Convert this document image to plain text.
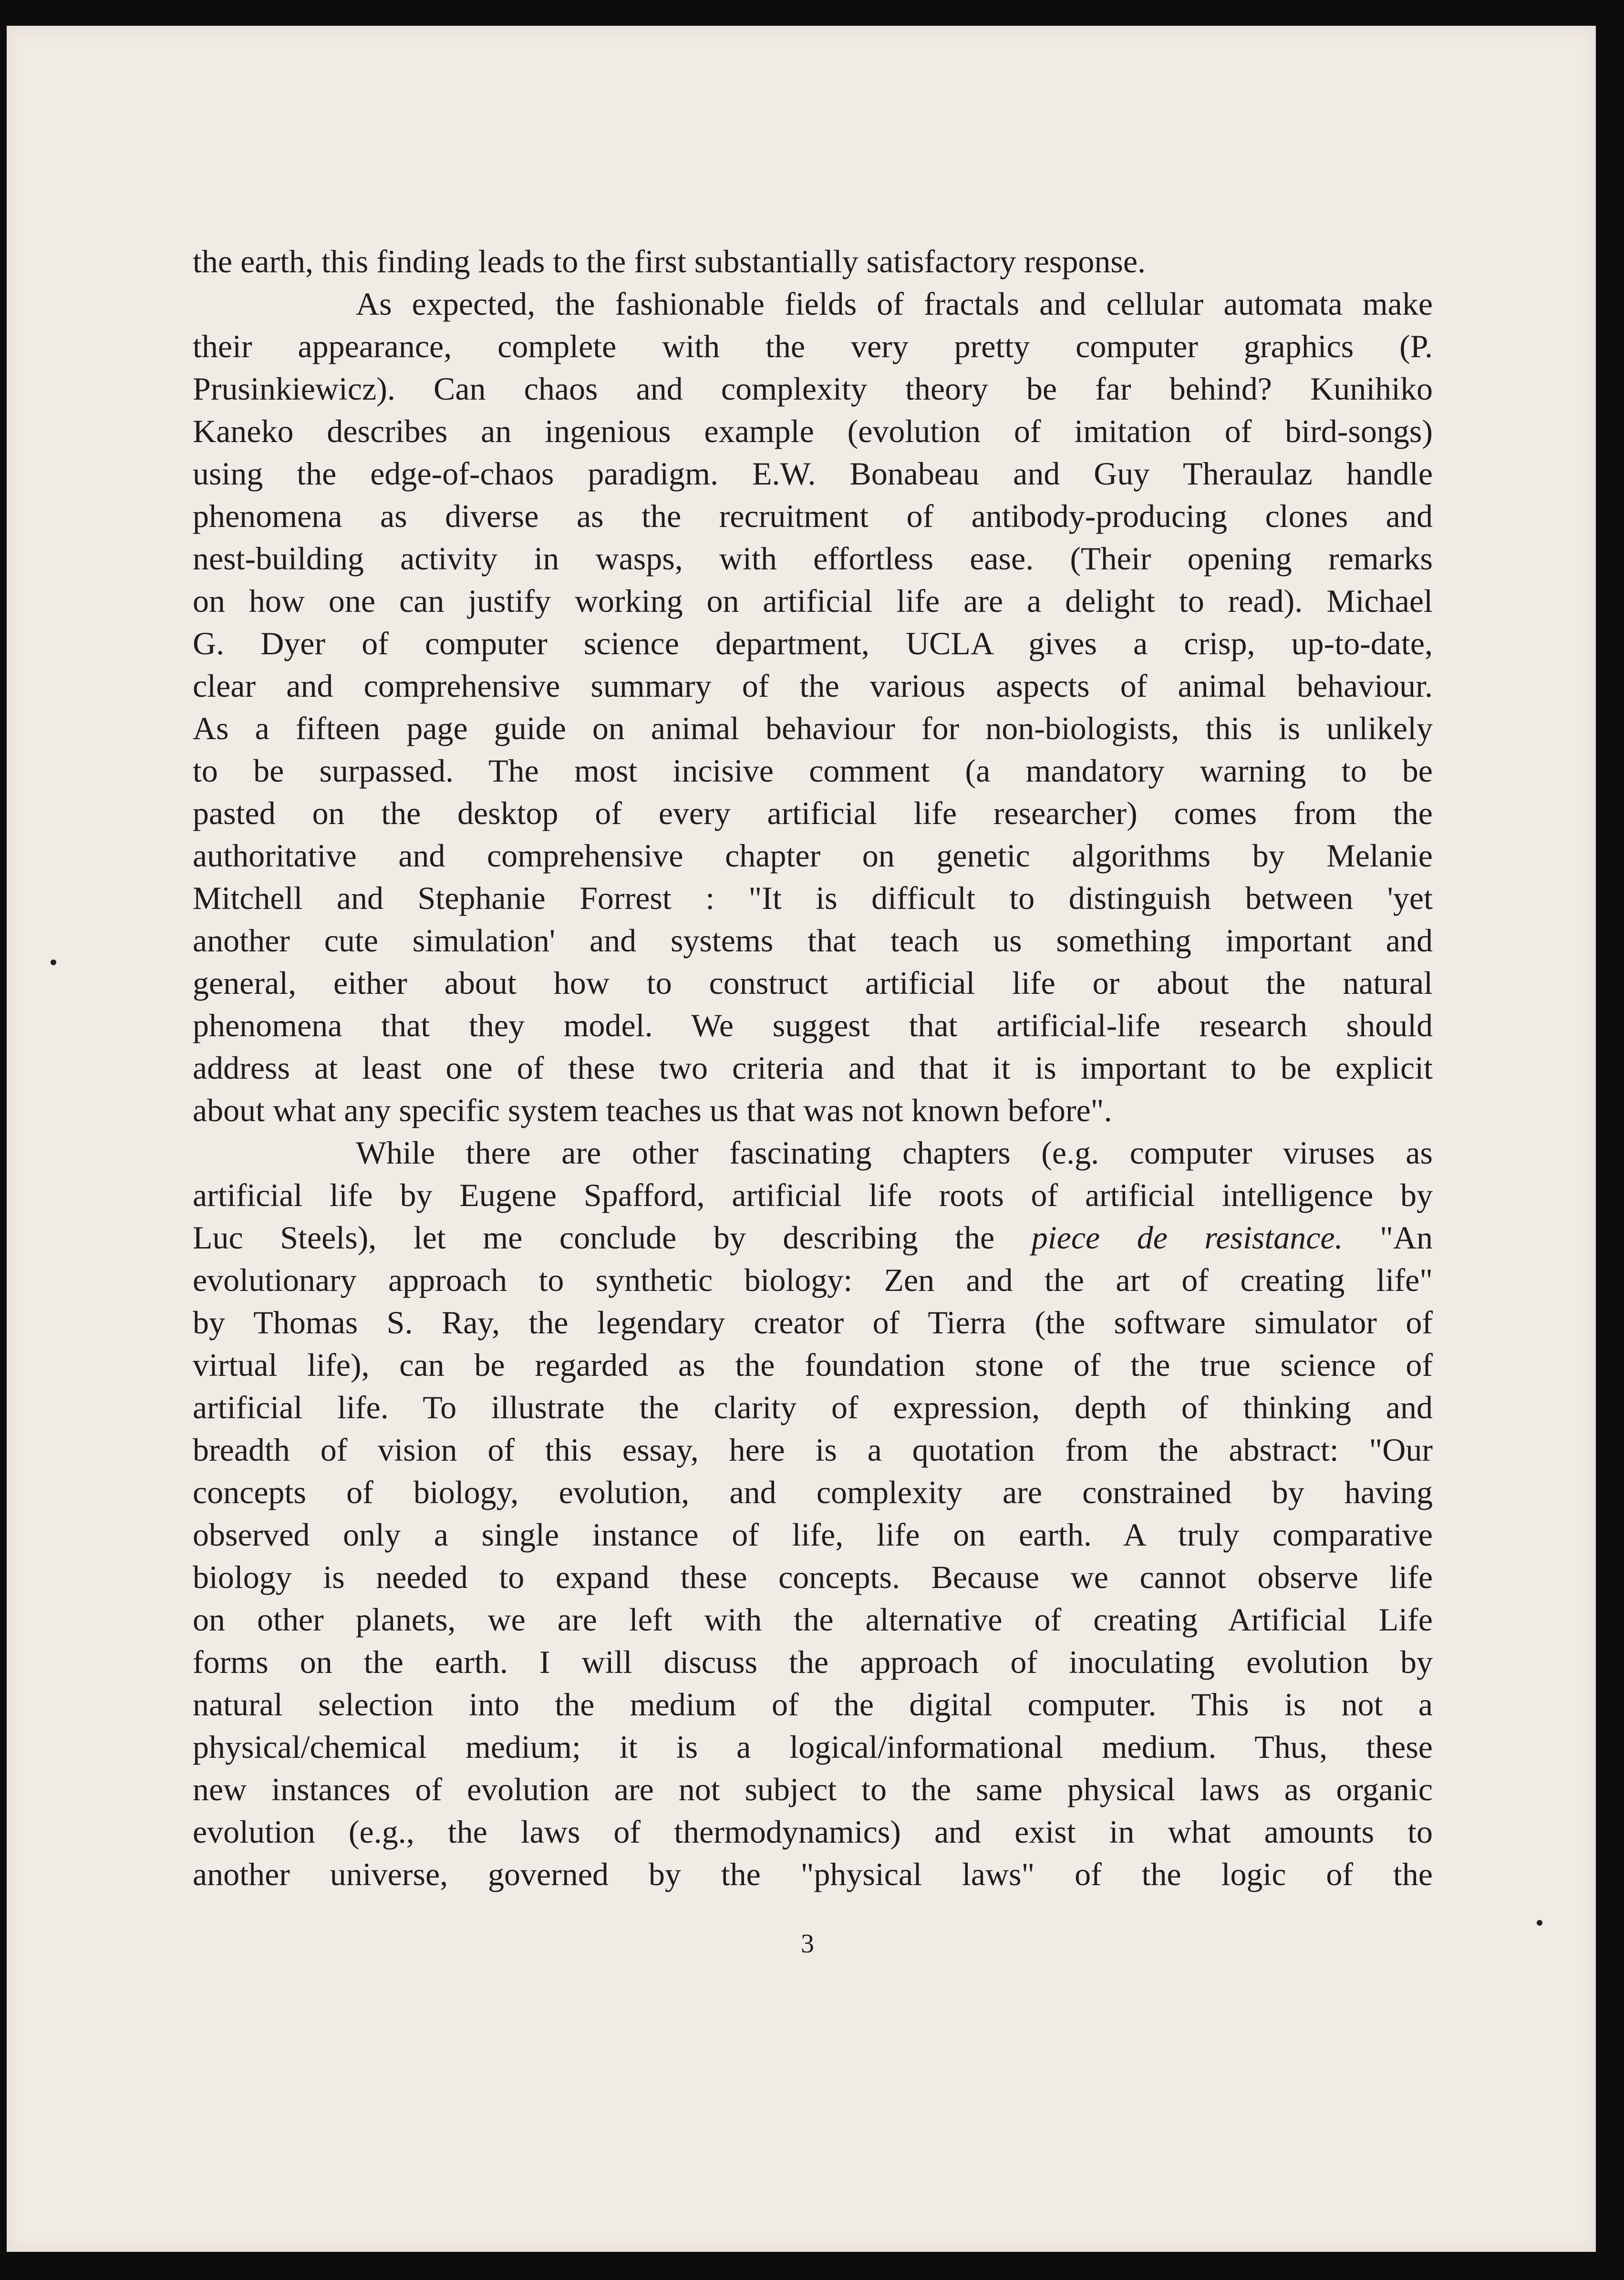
the earth, this finding leads to the first substantially satisfactory response.
As expected, the fashionable fields of fractals and cellular automata make
their appearance, complete with the very pretty computer graphics (P.
Prusinkiewicz). Can chaos and complexity theory be far behind? Kunihiko
Kaneko describes an ingenious example (evolution of imitation of bird-songs)
using the edge-of-chaos paradigm. E.W. Bonabeau and Guy Theraulaz handle
phenomena as diverse as the recruitment of antibody-producing clones and
nest-building activity in wasps, with effortless ease. (Their opening remarks
on how one can justify working on artificial life are a delight to read). Michael
G. Dyer of computer science department, UCLA gives a crisp, up-to-date,
clear and comprehensive summary of the various aspects of animal behaviour.
As a fifteen page guide on animal behaviour for non-biologists, this is unlikely
to be surpassed. The most incisive comment (a mandatory warning to be
pasted on the desktop of every artificial life researcher) comes from the
authoritative and comprehensive chapter on genetic algorithms by Melanie
Mitchell and Stephanie Forrest : "It is difficult to distinguish between 'yet
another cute simulation' and systems that teach us something important and
general, either about how to construct artificial life or about the natural
phenomena that they model. We suggest that artificial-life research should
address at least one of these two criteria and that it is important to be explicit
about what any specific system teaches us that was not known before".
While there are other fascinating chapters (e.g. computer viruses as
artificial life by Eugene Spafford, artificial life roots of artificial intelligence by
Luc Steels), let me conclude by describing the piece de resistance. "An
evolutionary approach to synthetic biology: Zen and the art of creating life"
by Thomas S. Ray, the legendary creator of Tierra (the software simulator of
virtual life), can be regarded as the foundation stone of the true science of
artificial life. To illustrate the clarity of expression, depth of thinking and
breadth of vision of this essay, here is a quotation from the abstract: "Our
concepts of biology, evolution, and complexity are constrained by having
observed only a single instance of life, life on earth. A truly comparative
biology is needed to expand these concepts. Because we cannot observe life
on other planets, we are left with the alternative of creating Artificial Life
forms on the earth. I will discuss the approach of inoculating evolution by
natural selection into the medium of the digital computer. This is not a
physical/chemical medium; it is a logical/informational medium. Thus, these
new instances of evolution are not subject to the same physical laws as organic
evolution (e.g., the laws of thermodynamics) and exist in what amounts to
another universe, governed by the "physical laws" of the logic of the
3
